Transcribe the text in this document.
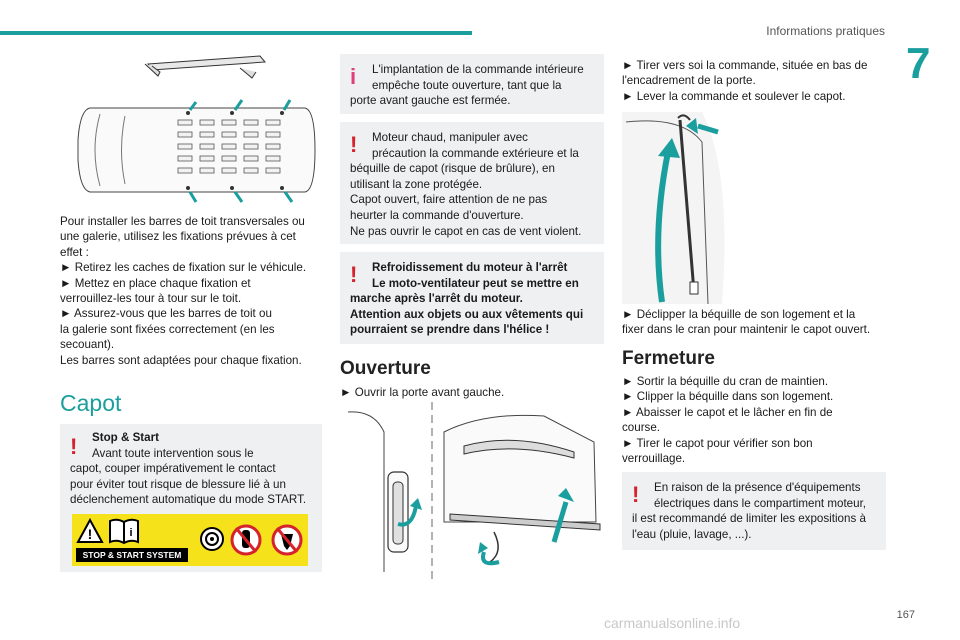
Informations pratiques
7
Pour installer les barres de toit transversales ou
une galerie, utilisez les fixations prévues à cet
effet :
► Retirez les caches de fixation sur le véhicule.
► Mettez en place chaque fixation et
verrouillez-les tour à tour sur le toit.
► Assurez-vous que les barres de toit ou
la galerie sont fixées correctement (en les
secouant).
Les barres sont adaptées pour chaque fixation.
Capot
!	Stop & Start
Avant toute intervention sous le
capot, couper impérativement le contact
pour éviter tout risque de blessure lié à un
déclenchement automatique du mode START.
!	i
STOP & START SYSTEM
i	L'implantation de la commande intérieure
empêche toute ouverture, tant que la
porte avant gauche est fermée.
!	Moteur chaud, manipuler avec
précaution la commande extérieure et la
béquille de capot (risque de brûlure), en
utilisant la zone protégée.
Capot ouvert, faire attention de ne pas
heurter la commande d'ouverture.
Ne pas ouvrir le capot en cas de vent violent.
!	Refroidissement du moteur à l'arrêt
Le moto-ventilateur peut se mettre en
marche après l'arrêt du moteur.
Attention aux objets ou aux vêtements qui
pourraient se prendre dans l'hélice !
Ouverture
► Ouvrir la porte avant gauche.
► Tirer vers soi la commande, située en bas de
l'encadrement de la porte.
► Lever la commande et soulever le capot.
► Déclipper la béquille de son logement et la
fixer dans le cran pour maintenir le capot ouvert.
Fermeture
► Sortir la béquille du cran de maintien.
► Clipper la béquille dans son logement.
► Abaisser le capot et le lâcher en fin de
course.
► Tirer le capot pour vérifier son bon
verrouillage.
!	En raison de la présence d'équipements
électriques dans le compartiment moteur,
il est recommandé de limiter les expositions à
l'eau (pluie, lavage, ...).
167
carmanualsonline.info
